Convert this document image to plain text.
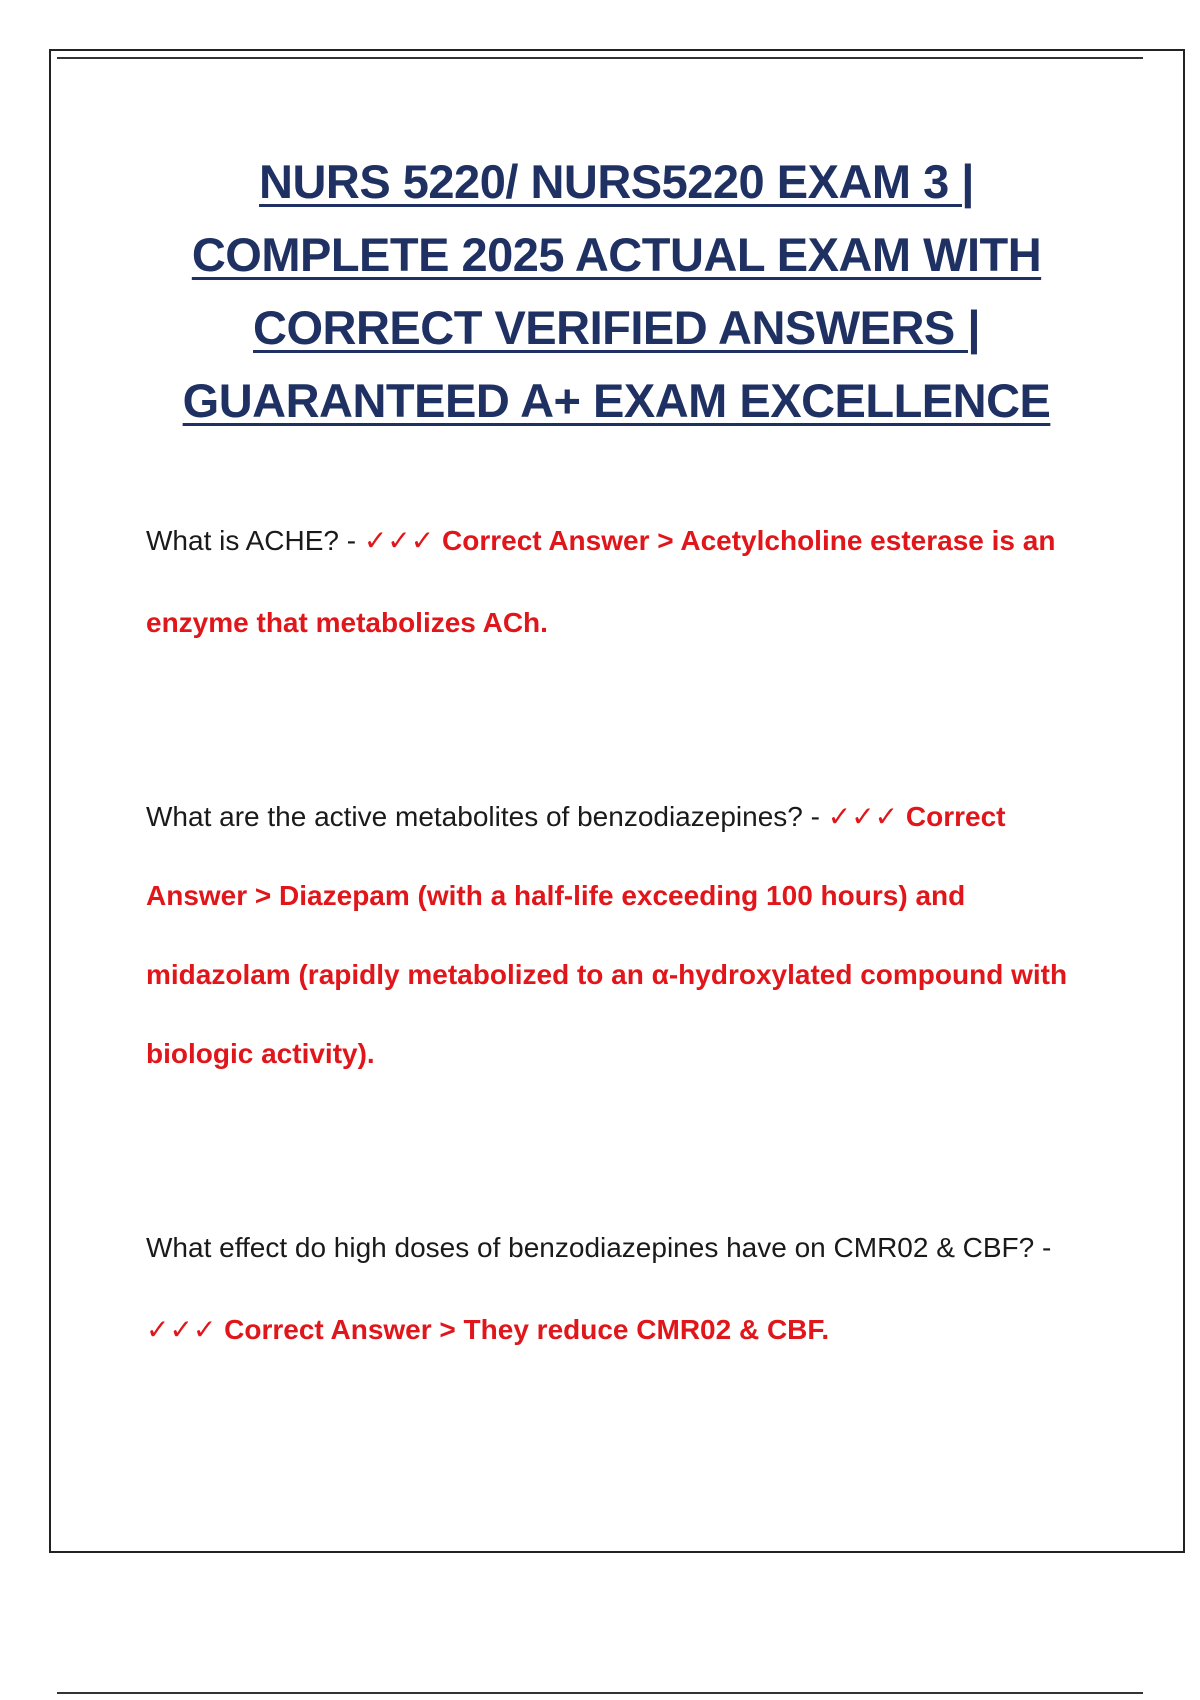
NURS 5220/ NURS5220 EXAM 3 |
COMPLETE 2025 ACTUAL EXAM WITH
CORRECT VERIFIED ANSWERS |
GUARANTEED A+ EXAM EXCELLENCE
What is ACHE? - ✓✓✓ Correct Answer > Acetylcholine esterase is an enzyme that metabolizes ACh.
What are the active metabolites of benzodiazepines? - ✓✓✓ Correct Answer > Diazepam (with a half-life exceeding 100 hours) and midazolam (rapidly metabolized to an α-hydroxylated compound with biologic activity).
What effect do high doses of benzodiazepines have on CMR02 & CBF? - ✓✓✓ Correct Answer > They reduce CMR02 & CBF.
